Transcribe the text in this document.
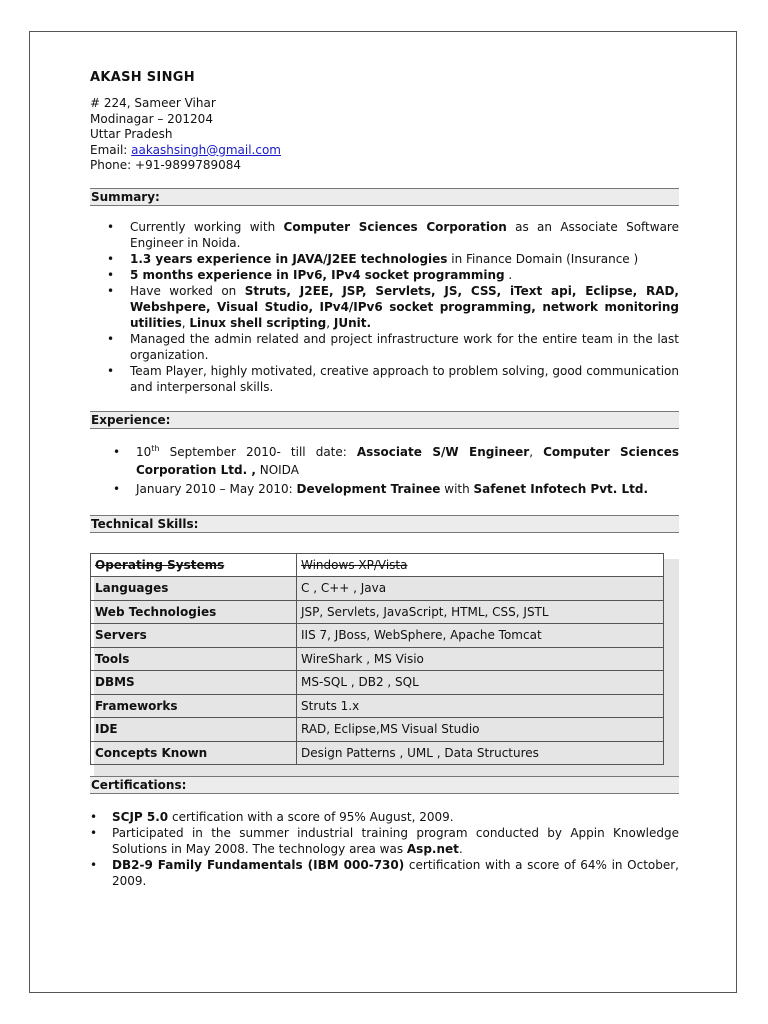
AKASH SINGH
# 224, Sameer Vihar
Modinagar – 201204
Uttar Pradesh
Email: aakashsingh@gmail.com
Phone: +91-9899789084
Summary:
• Currently working with Computer Sciences Corporation as an Associate Software Engineer in Noida.
• 1.3 years experience in JAVA/J2EE technologies in Finance Domain (Insurance )
• 5 months experience in IPv6, IPv4 socket programming .
• Have worked on Struts, J2EE, JSP, Servlets, JS, CSS, iText api, Eclipse, RAD, Webshpere, Visual Studio, IPv4/IPv6 socket programming, network monitoring utilities, Linux shell scripting, JUnit.
• Managed the admin related and project infrastructure work for the entire team in the last organization.
• Team Player, highly motivated, creative approach to problem solving, good communication and interpersonal skills.
Experience:
• 10th September 2010- till date: Associate S/W Engineer, Computer Sciences Corporation Ltd. , NOIDA
• January 2010 – May 2010: Development Trainee with Safenet Infotech Pvt. Ltd.
Technical Skills:
Operating Systems	Windows XP/Vista
Languages	C , C++ , Java
Web Technologies	JSP, Servlets, JavaScript, HTML, CSS, JSTL
Servers	IIS 7, JBoss, WebSphere, Apache Tomcat
Tools	WireShark , MS Visio
DBMS	MS-SQL , DB2 , SQL
Frameworks	Struts 1.x
IDE	RAD, Eclipse,MS Visual Studio
Concepts Known	Design Patterns , UML , Data Structures
Certifications:
• SCJP 5.0 certification with a score of 95% August, 2009.
• Participated in the summer industrial training program conducted by Appin Knowledge Solutions in May 2008. The technology area was Asp.net.
• DB2-9 Family Fundamentals (IBM 000-730) certification with a score of 64% in October, 2009.
